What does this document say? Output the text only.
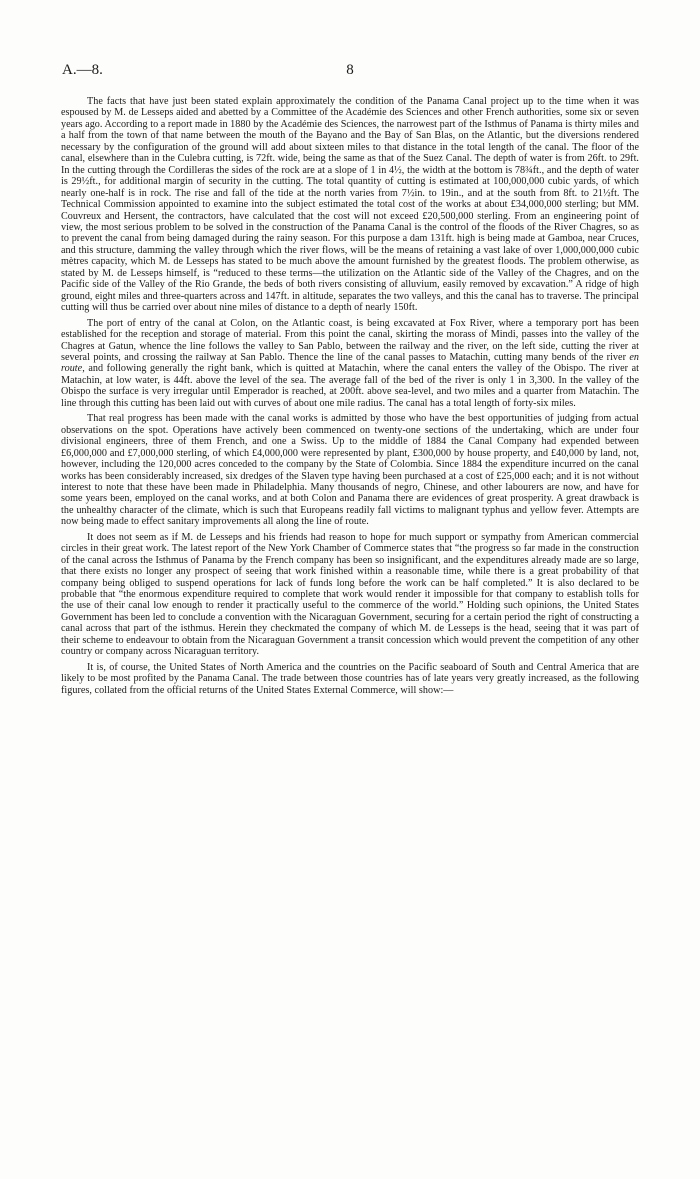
A.—8.	8

The facts that have just been stated explain approximately the condition of the Panama Canal project up to the time when it was espoused by M. de Lesseps aided and abetted by a Committee of the Académie des Sciences and other French authorities, some six or seven years ago. According to a report made in 1880 by the Académie des Sciences, the narrowest part of the Isthmus of Panama is thirty miles and a half from the town of that name between the mouth of the Bayano and the Bay of San Blas, on the Atlantic, but the diversions rendered necessary by the configuration of the ground will add about sixteen miles to that distance in the total length of the canal. The floor of the canal, elsewhere than in the Culebra cutting, is 72ft. wide, being the same as that of the Suez Canal. The depth of water is from 26ft. to 29ft. In the cutting through the Cordilleras the sides of the rock are at a slope of 1 in 4½, the width at the bottom is 78¾ft., and the depth of water is 29½ft., for additional margin of security in the cutting. The total quantity of cutting is estimated at 100,000,000 cubic yards, of which nearly one-half is in rock. The rise and fall of the tide at the north varies from 7½in. to 19in., and at the south from 8ft. to 21½ft. The Technical Commission appointed to examine into the subject estimated the total cost of the works at about £34,000,000 sterling; but MM. Couvreux and Hersent, the contractors, have calculated that the cost will not exceed £20,500,000 sterling. From an engineering point of view, the most serious problem to be solved in the construction of the Panama Canal is the control of the floods of the River Chagres, so as to prevent the canal from being damaged during the rainy season. For this purpose a dam 131ft. high is being made at Gamboa, near Cruces, and this structure, damming the valley through which the river flows, will be the means of retaining a vast lake of over 1,000,000,000 cubic mètres capacity, which M. de Lesseps has stated to be much above the amount furnished by the greatest floods. The problem otherwise, as stated by M. de Lesseps himself, is “reduced to these terms—the utilization on the Atlantic side of the Valley of the Chagres, and on the Pacific side of the Valley of the Rio Grande, the beds of both rivers consisting of alluvium, easily removed by excavation.” A ridge of high ground, eight miles and three-quarters across and 147ft. in altitude, separates the two valleys, and this the canal has to traverse. The principal cutting will thus be carried over about nine miles of distance to a depth of nearly 150ft.

The port of entry of the canal at Colon, on the Atlantic coast, is being excavated at Fox River, where a temporary port has been established for the reception and storage of material. From this point the canal, skirting the morass of Mindi, passes into the valley of the Chagres at Gatun, whence the line follows the valley to San Pablo, between the railway and the river, on the left side, cutting the river at several points, and crossing the railway at San Pablo. Thence the line of the canal passes to Matachin, cutting many bends of the river en route, and following generally the right bank, which is quitted at Matachin, where the canal enters the valley of the Obispo. The river at Matachin, at low water, is 44ft. above the level of the sea. The average fall of the bed of the river is only 1 in 3,300. In the valley of the Obispo the surface is very irregular until Emperador is reached, at 200ft. above sea-level, and two miles and a quarter from Matachin. The line through this cutting has been laid out with curves of about one mile radius. The canal has a total length of forty-six miles.

That real progress has been made with the canal works is admitted by those who have the best opportunities of judging from actual observations on the spot. Operations have actively been commenced on twenty-one sections of the undertaking, which are under four divisional engineers, three of them French, and one a Swiss. Up to the middle of 1884 the Canal Company had expended between £6,000,000 and £7,000,000 sterling, of which £4,000,000 were represented by plant, £300,000 by house property, and £40,000 by land, not, however, including the 120,000 acres conceded to the company by the State of Colombia. Since 1884 the expenditure incurred on the canal works has been considerably increased, six dredges of the Slaven type having been purchased at a cost of £25,000 each; and it is not without interest to note that these have been made in Philadelphia. Many thousands of negro, Chinese, and other labourers are now, and have for some years been, employed on the canal works, and at both Colon and Panama there are evidences of great prosperity. A great drawback is the unhealthy character of the climate, which is such that Europeans readily fall victims to malignant typhus and yellow fever. Attempts are now being made to effect sanitary improvements all along the line of route.

It does not seem as if M. de Lesseps and his friends had reason to hope for much support or sympathy from American commercial circles in their great work. The latest report of the New York Chamber of Commerce states that “the progress so far made in the construction of the canal across the Isthmus of Panama by the French company has been so insignificant, and the expenditures already made are so large, that there exists no longer any prospect of seeing that work finished within a reasonable time, while there is a great probability of that company being obliged to suspend operations for lack of funds long before the work can be half completed.” It is also declared to be probable that “the enormous expenditure required to complete that work would render it impossible for that company to establish tolls for the use of their canal low enough to render it practically useful to the commerce of the world.” Holding such opinions, the United States Government has been led to conclude a convention with the Nicaraguan Government, securing for a certain period the right of constructing a canal across that part of the isthmus. Herein they checkmated the company of which M. de Lesseps is the head, seeing that it was part of their scheme to endeavour to obtain from the Nicaraguan Government a transit concession which would prevent the competition of any other country or company across Nicaraguan territory.

It is, of course, the United States of North America and the countries on the Pacific seaboard of South and Central America that are likely to be most profited by the Panama Canal. The trade between those countries has of late years very greatly increased, as the following figures, collated from the official returns of the United States External Commerce, will show:—
